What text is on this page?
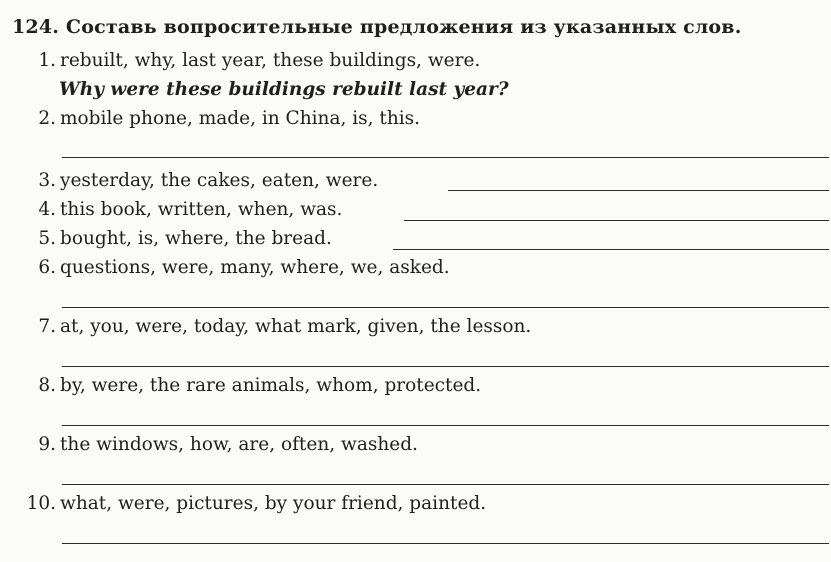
124. Составь вопросительные предложения из указанных слов.
1. rebuilt, why, last year, these buildings, were.
Why were these buildings rebuilt last year?
2. mobile phone, made, in China, is, this.
3. yesterday, the cakes, eaten, were.
4. this book, written, when, was.
5. bought, is, where, the bread.
6. questions, were, many, where, we, asked.
7. at, you, were, today, what mark, given, the lesson.
8. by, were, the rare animals, whom, protected.
9. the windows, how, are, often, washed.
10. what, were, pictures, by your friend, painted.
